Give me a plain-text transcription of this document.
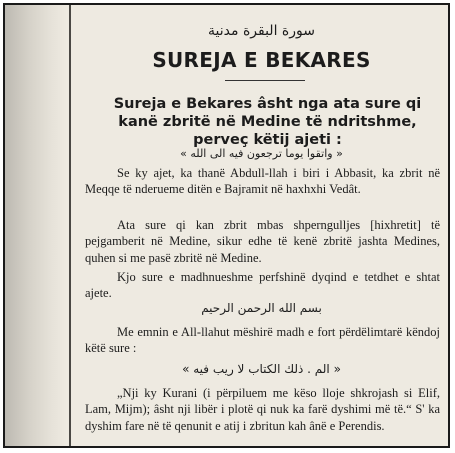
سورة البقرة مدنية
SUREJA E BEKARES
Sureja e Bekares âsht nga ata sure qi kanë zbritë në Medine të ndritshme, perveç këtij ajeti :
« واتقوا يوما ترجعون فيه الى الله »

Se ky ajet, ka thanë Abdull-llah i biri i Abbasit, ka zbrit në Meqqe të nderueme ditën e Bajramit në haxhxhi Vedât.

Ata sure qi kan zbrit mbas shperngulljes [hixhretit] të pejgamberit në Medine, sikur edhe të kenë zbritë jashta Medines, quhen si me pasë zbritë në Medine.

Kjo sure e madhnueshme perfshinë dyqind e tetdhet e shtat ajete.

بسم الله الرحمن الرحيم

Me emnin e All-llahut mëshirë madh e fort përdëlimtarë këndoj këtë sure :

« الم . ذلك الكتاب لا ريب فيه »

„Nji ky Kurani (i përpiluem me këso lloje shkrojash si Elif, Lam, Mijm); âsht nji libër i plotë qi nuk ka farë dyshimi më të.“ S' ka dyshim fare në të qenunit e atij i zbritun kah ânë e Perendis.
